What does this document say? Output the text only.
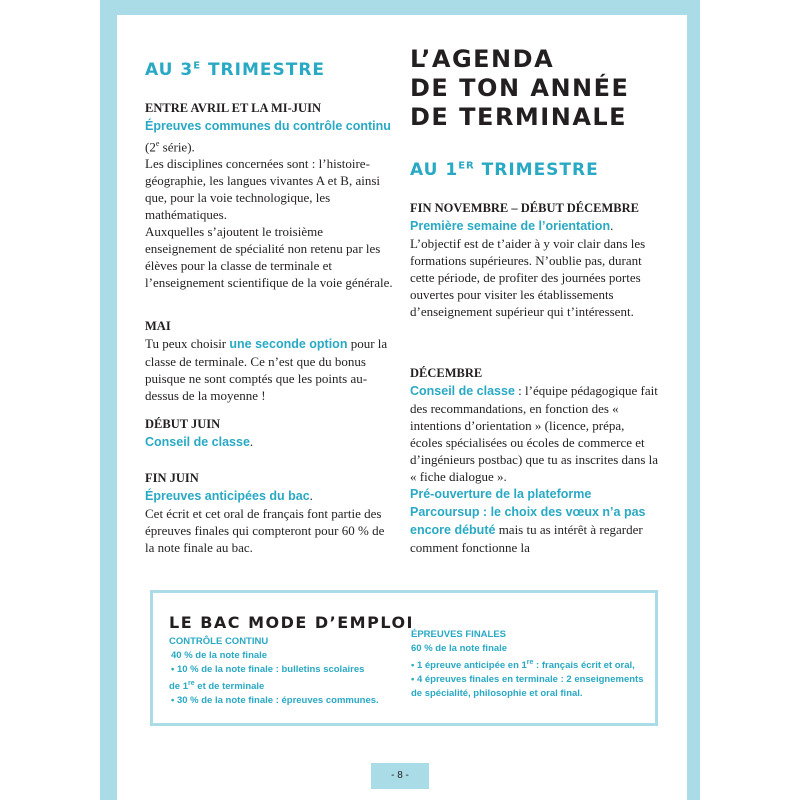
AU $3^E$ TRIMESTRE

ENTRE AVRIL ET LA MI-JUIN

Épreuves communes du contrôle continu (2e série).

Les disciplines concernées sont : l’histoire-géographie, les langues vivantes A et B, ainsi que, pour la voie technologique, les mathématiques.

Auxquelles s’ajoutent le troisième enseignement de spécialité non retenu par les élèves pour la classe de terminale et l’enseignement scientifique de la voie générale.

MAI

Tu peux choisir une seconde option pour la classe de terminale. Ce n’est que du bonus puisque ne sont comptés que les points au-dessus de la moyenne !

DÉBUT JUIN

Conseil de classe.

FIN JUIN

Épreuves anticipées du bac.

Cet écrit et cet oral de français font partie des épreuves finales qui compteront pour 60 % de la note finale au bac.

L’AGENDA
DE TON ANNÉE
DE TERMINALE
AU 1ER TRIMESTRE

FIN NOVEMBRE – DÉBUT DÉCEMBRE

Première semaine de l’orientation.

L’objectif est de t’aider à y voir clair dans les formations supérieures. N’oublie pas, durant cette période, de profiter des journées portes ouvertes pour visiter les établissements d’enseignement supérieur qui t’intéressent.

DÉCEMBRE

Conseil de classe : l’équipe pédagogique fait des recommandations, en fonction des « intentions d’orientation » (licence, prépa, écoles spécialisées ou écoles de commerce et d’ingénieurs postbac) que tu as inscrites dans la « fiche dialogue ».

Pré-ouverture de la plateforme Parcoursup : le choix des vœux n’a pas encore débuté mais tu as intérêt à regarder comment fonctionne la

LE BAC MODE D’EMPLOI

CONTRÔLE CONTINU

40 % de la note finale

• 10 % de la note finale : bulletins scolaires

de 1re et de terminale

• 30 % de la note finale : épreuves communes.

ÉPREUVES FINALES

60 % de la note finale

• 1 épreuve anticipée en 1re : français écrit et oral,

• 4 épreuves finales en terminale : 2 enseignements de spécialité, philosophie et oral final.

- 8 -
